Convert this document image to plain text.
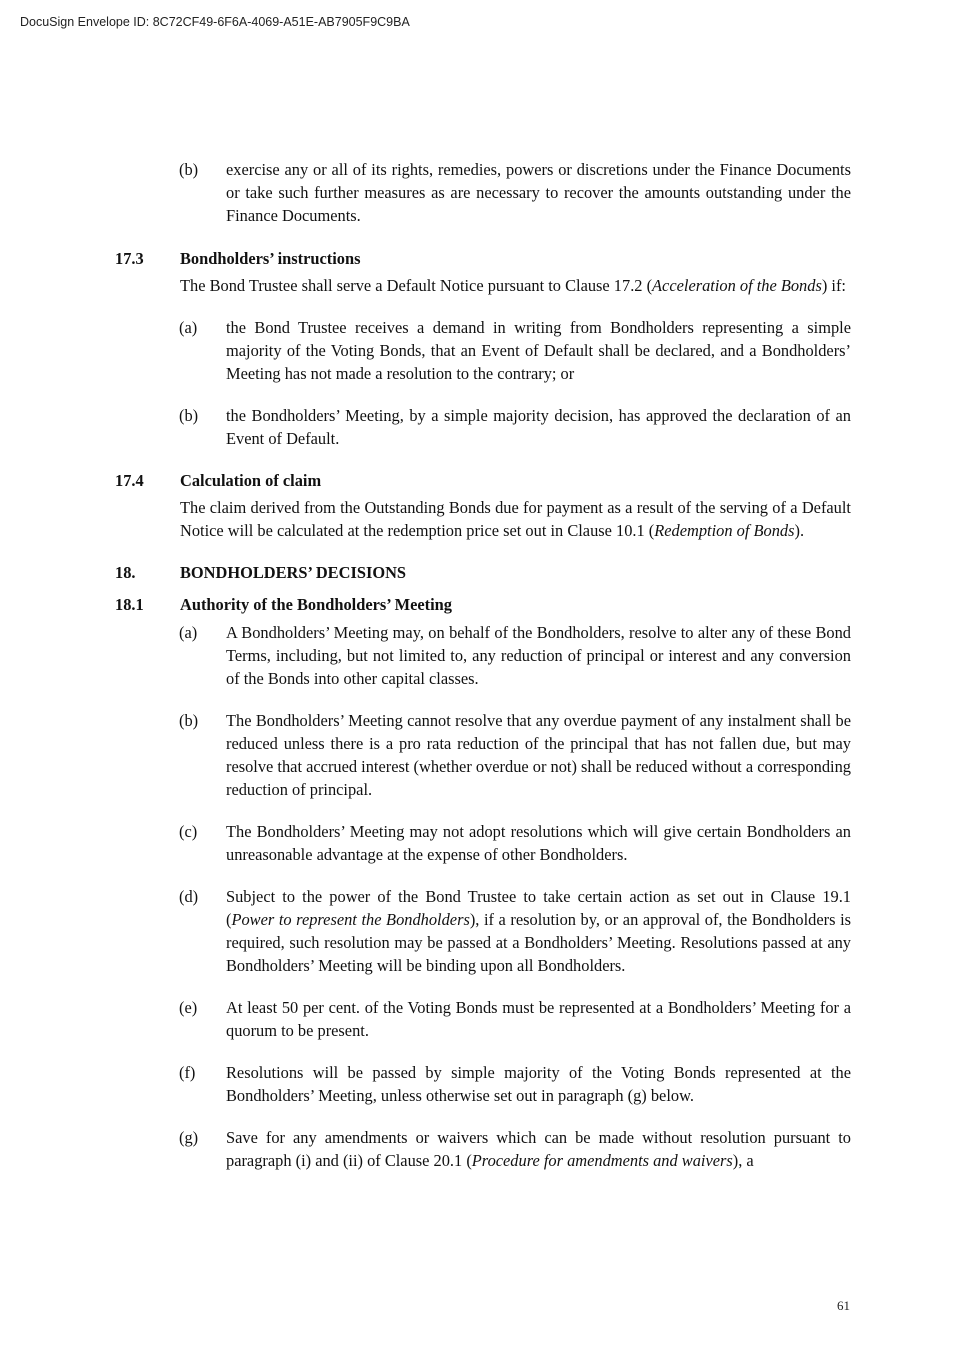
DocuSign Envelope ID: 8C72CF49-6F6A-4069-A51E-AB7905F9C9BA
(b) exercise any or all of its rights, remedies, powers or discretions under the Finance Documents or take such further measures as are necessary to recover the amounts outstanding under the Finance Documents.
17.3 Bondholders’ instructions
The Bond Trustee shall serve a Default Notice pursuant to Clause 17.2 (Acceleration of the Bonds) if:
(a) the Bond Trustee receives a demand in writing from Bondholders representing a simple majority of the Voting Bonds, that an Event of Default shall be declared, and a Bondholders’ Meeting has not made a resolution to the contrary; or
(b) the Bondholders’ Meeting, by a simple majority decision, has approved the declaration of an Event of Default.
17.4 Calculation of claim
The claim derived from the Outstanding Bonds due for payment as a result of the serving of a Default Notice will be calculated at the redemption price set out in Clause 10.1 (Redemption of Bonds).
18.	BONDHOLDERS’ DECISIONS
18.1 Authority of the Bondholders’ Meeting
(a) A Bondholders’ Meeting may, on behalf of the Bondholders, resolve to alter any of these Bond Terms, including, but not limited to, any reduction of principal or interest and any conversion of the Bonds into other capital classes.
(b) The Bondholders’ Meeting cannot resolve that any overdue payment of any instalment shall be reduced unless there is a pro rata reduction of the principal that has not fallen due, but may resolve that accrued interest (whether overdue or not) shall be reduced without a corresponding reduction of principal.
(c) The Bondholders’ Meeting may not adopt resolutions which will give certain Bondholders an unreasonable advantage at the expense of other Bondholders.
(d) Subject to the power of the Bond Trustee to take certain action as set out in Clause 19.1 (Power to represent the Bondholders), if a resolution by, or an approval of, the Bondholders is required, such resolution may be passed at a Bondholders’ Meeting. Resolutions passed at any Bondholders’ Meeting will be binding upon all Bondholders.
(e) At least 50 per cent. of the Voting Bonds must be represented at a Bondholders’ Meeting for a quorum to be present.
(f) Resolutions will be passed by simple majority of the Voting Bonds represented at the Bondholders’ Meeting, unless otherwise set out in paragraph (g) below.
(g) Save for any amendments or waivers which can be made without resolution pursuant to paragraph (i) and (ii) of Clause 20.1 (Procedure for amendments and waivers), a
61
